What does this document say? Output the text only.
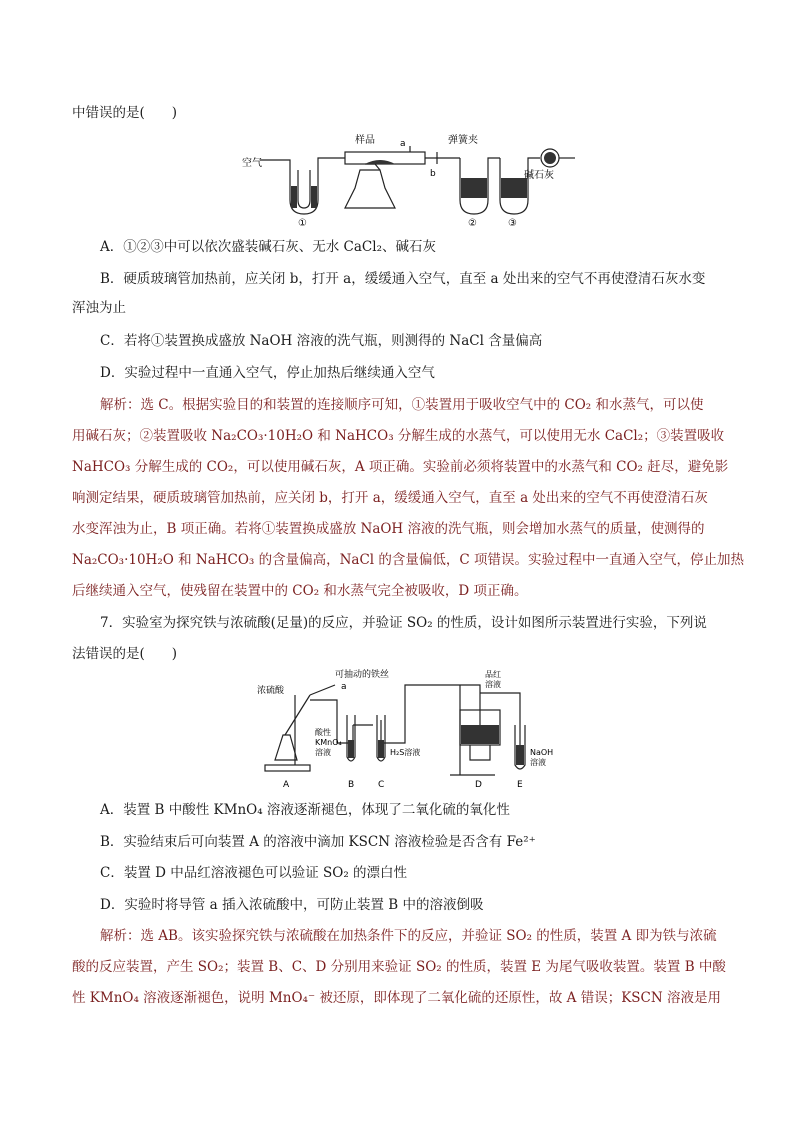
中错误的是(　　)
A．①②③中可以依次盛装碱石灰、无水 CaCl₂、碱石灰
B．硬质玻璃管加热前，应关闭 b，打开 a，缓缓通入空气，直至 a 处出来的空气不再使澄清石灰水变
浑浊为止
C．若将①装置换成盛放 NaOH 溶液的洗气瓶，则测得的 NaCl 含量偏高
D．实验过程中一直通入空气，停止加热后继续通入空气
解析：选 C。根据实验目的和装置的连接顺序可知，①装置用于吸收空气中的 CO₂ 和水蒸气，可以使
用碱石灰；②装置吸收 Na₂CO₃·10H₂O 和 NaHCO₃ 分解生成的水蒸气，可以使用无水 CaCl₂；③装置吸收
NaHCO₃ 分解生成的 CO₂，可以使用碱石灰，A 项正确。实验前必须将装置中的水蒸气和 CO₂ 赶尽，避免影
响测定结果，硬质玻璃管加热前，应关闭 b，打开 a，缓缓通入空气，直至 a 处出来的空气不再使澄清石灰
水变浑浊为止，B 项正确。若将①装置换成盛放 NaOH 溶液的洗气瓶，则会增加水蒸气的质量，使测得的
Na₂CO₃·10H₂O 和 NaHCO₃ 的含量偏高，NaCl 的含量偏低，C 项错误。实验过程中一直通入空气，停止加热
后继续通入空气，使残留在装置中的 CO₂ 和水蒸气完全被吸收，D 项正确。
7．实验室为探究铁与浓硫酸(足量)的反应，并验证 SO₂ 的性质，设计如图所示装置进行实验，下列说
法错误的是(　　)
A．装置 B 中酸性 KMnO₄ 溶液逐渐褪色，体现了二氧化硫的氧化性
B．实验结束后可向装置 A 的溶液中滴加 KSCN 溶液检验是否含有 Fe²⁺
C．装置 D 中品红溶液褪色可以验证 SO₂ 的漂白性
D．实验时将导管 a 插入浓硫酸中，可防止装置 B 中的溶液倒吸
解析：选 AB。该实验探究铁与浓硫酸在加热条件下的反应，并验证 SO₂ 的性质，装置 A 即为铁与浓硫
酸的反应装置，产生 SO₂；装置 B、C、D 分别用来验证 SO₂ 的性质，装置 E 为尾气吸收装置。装置 B 中酸
性 KMnO₄ 溶液逐渐褪色，说明 MnO₄⁻ 被还原，即体现了二氧化硫的还原性，故 A 错误；KSCN 溶液是用
空气
样品	弹簧夹
a
b	碱石灰
①	②	③
可抽动的铁丝
浓硫酸	a
酸性
KMnO₄
溶液	H₂S溶液
品红
溶液
NaOH
溶液
A	B	C	D	E
